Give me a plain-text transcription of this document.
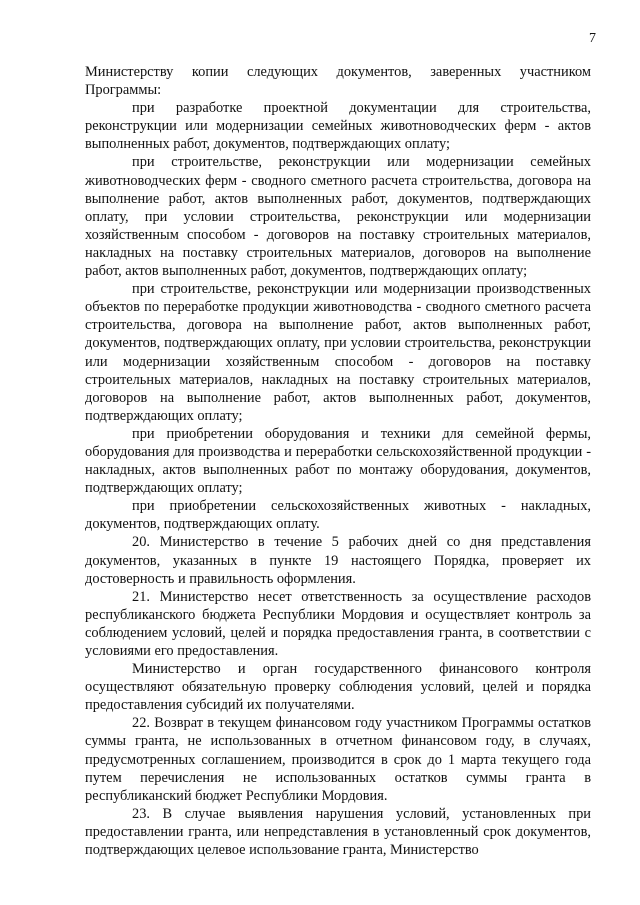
7

Министерству копии следующих документов, заверенных участником Программы:

при разработке проектной документации для строительства, реконструкции или модернизации семейных животноводческих ферм - актов выполненных работ, документов, подтверждающих оплату;

при строительстве, реконструкции или модернизации семейных животноводческих ферм - сводного сметного расчета строительства, договора на выполнение работ, актов выполненных работ, документов, подтверждающих оплату, при условии строительства, реконструкции или модернизации хозяйственным способом - договоров на поставку строительных материалов, накладных на поставку строительных материалов, договоров на выполнение работ, актов выполненных работ, документов, подтверждающих оплату;

при строительстве, реконструкции или модернизации производственных объектов по переработке продукции животноводства - сводного сметного расчета строительства, договора на выполнение работ, актов выполненных работ, документов, подтверждающих оплату, при условии строительства, реконструкции или модернизации хозяйственным способом - договоров на поставку строительных материалов, накладных на поставку строительных материалов, договоров на выполнение работ, актов выполненных работ, документов, подтверждающих оплату;

при приобретении оборудования и техники для семейной фермы, оборудования для производства и переработки сельскохозяйственной продукции - накладных, актов выполненных работ по монтажу оборудования, документов, подтверждающих оплату;

при приобретении сельскохозяйственных животных - накладных, документов, подтверждающих оплату.

20. Министерство в течение 5 рабочих дней со дня представления документов, указанных в пункте 19 настоящего Порядка, проверяет их достоверность и правильность оформления.

21. Министерство несет ответственность за осуществление расходов республиканского бюджета Республики Мордовия и осуществляет контроль за соблюдением условий, целей и порядка предоставления гранта, в соответствии с условиями его предоставления.

Министерство и орган государственного финансового контроля осуществляют обязательную проверку соблюдения условий, целей и порядка предоставления субсидий их получателями.

22. Возврат в текущем финансовом году участником Программы остатков суммы гранта, не использованных в отчетном финансовом году, в случаях, предусмотренных соглашением, производится в срок до 1 марта текущего года путем перечисления не использованных остатков суммы гранта в республиканский бюджет Республики Мордовия.

23. В случае выявления нарушения условий, установленных при предоставлении гранта, или непредставления в установленный срок документов, подтверждающих целевое использование гранта, Министерство
